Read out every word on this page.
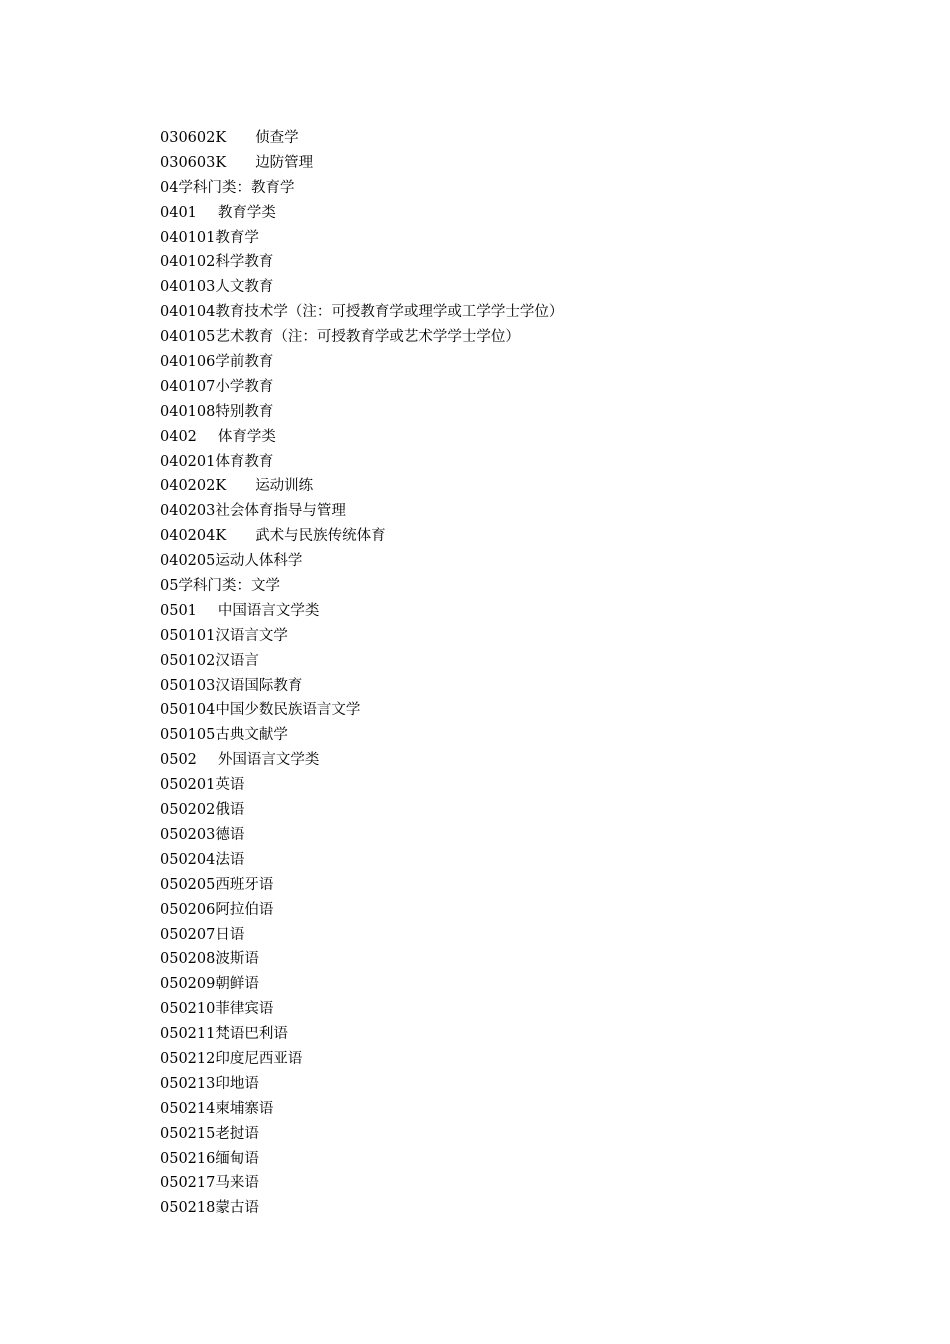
030602K 侦查学
030603K 边防管理
04学科门类：教育学
0401 教育学类
040101教育学
040102科学教育
040103人文教育
040104教育技术学（注：可授教育学或理学或工学学士学位）
040105艺术教育（注：可授教育学或艺术学学士学位）
040106学前教育
040107小学教育
040108特别教育
0402 体育学类
040201体育教育
040202K 运动训练
040203社会体育指导与管理
040204K 武术与民族传统体育
040205运动人体科学
05学科门类：文学
0501 中国语言文学类
050101汉语言文学
050102汉语言
050103汉语国际教育
050104中国少数民族语言文学
050105古典文献学
0502 外国语言文学类
050201英语
050202俄语
050203德语
050204法语
050205西班牙语
050206阿拉伯语
050207日语
050208波斯语
050209朝鲜语
050210菲律宾语
050211梵语巴利语
050212印度尼西亚语
050213印地语
050214柬埔寨语
050215老挝语
050216缅甸语
050217马来语
050218蒙古语
